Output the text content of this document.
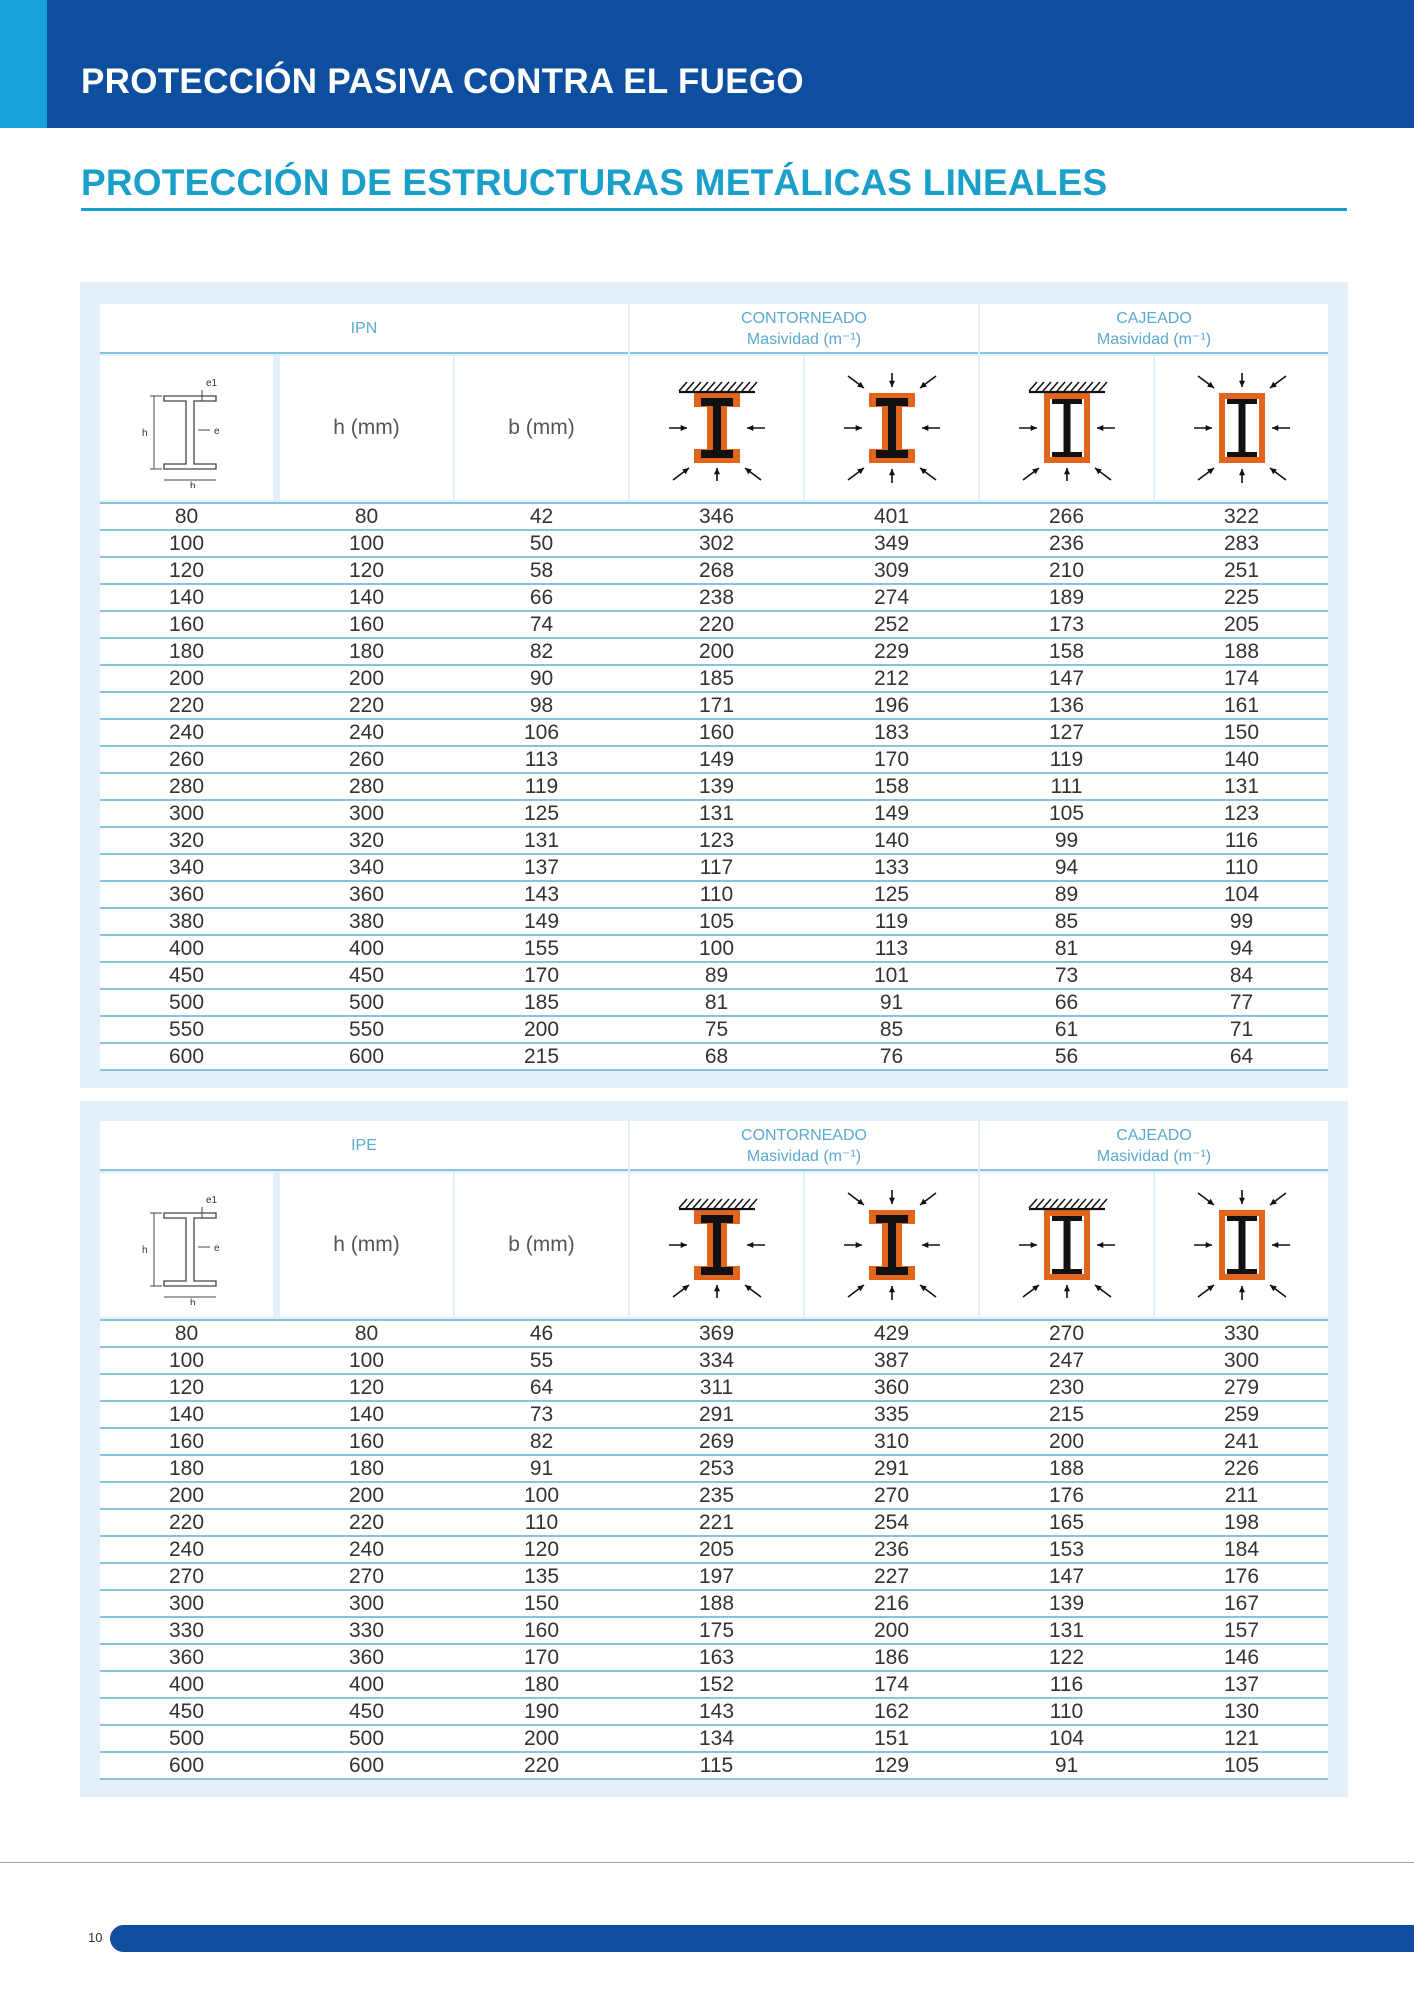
PROTECCIÓN PASIVA CONTRA EL FUEGO
PROTECCIÓN DE ESTRUCTURAS METÁLICAS LINEALES
IPN
CONTORNEADO
Masividad (m⁻¹)
CAJEADO
Masividad (m⁻¹)
e1
e
h
b
h (mm)	b (mm)
80	80	42	346	401	266	322
100	100	50	302	349	236	283
120	120	58	268	309	210	251
140	140	66	238	274	189	225
160	160	74	220	252	173	205
180	180	82	200	229	158	188
200	200	90	185	212	147	174
220	220	98	171	196	136	161
240	240	106	160	183	127	150
260	260	113	149	170	119	140
280	280	119	139	158	111	131
300	300	125	131	149	105	123
320	320	131	123	140	99	116
340	340	137	117	133	94	110
360	360	143	110	125	89	104
380	380	149	105	119	85	99
400	400	155	100	113	81	94
450	450	170	89	101	73	84
500	500	185	81	91	66	77
550	550	200	75	85	61	71
600	600	215	68	76	56	64
IPE
CONTORNEADO
Masividad (m⁻¹)
CAJEADO
Masividad (m⁻¹)
e1
e
h
b
h (mm)	b (mm)
80	80	46	369	429	270	330
100	100	55	334	387	247	300
120	120	64	311	360	230	279
140	140	73	291	335	215	259
160	160	82	269	310	200	241
180	180	91	253	291	188	226
200	200	100	235	270	176	211
220	220	110	221	254	165	198
240	240	120	205	236	153	184
270	270	135	197	227	147	176
300	300	150	188	216	139	167
330	330	160	175	200	131	157
360	360	170	163	186	122	146
400	400	180	152	174	116	137
450	450	190	143	162	110	130
500	500	200	134	151	104	121
600	600	220	115	129	91	105
10
